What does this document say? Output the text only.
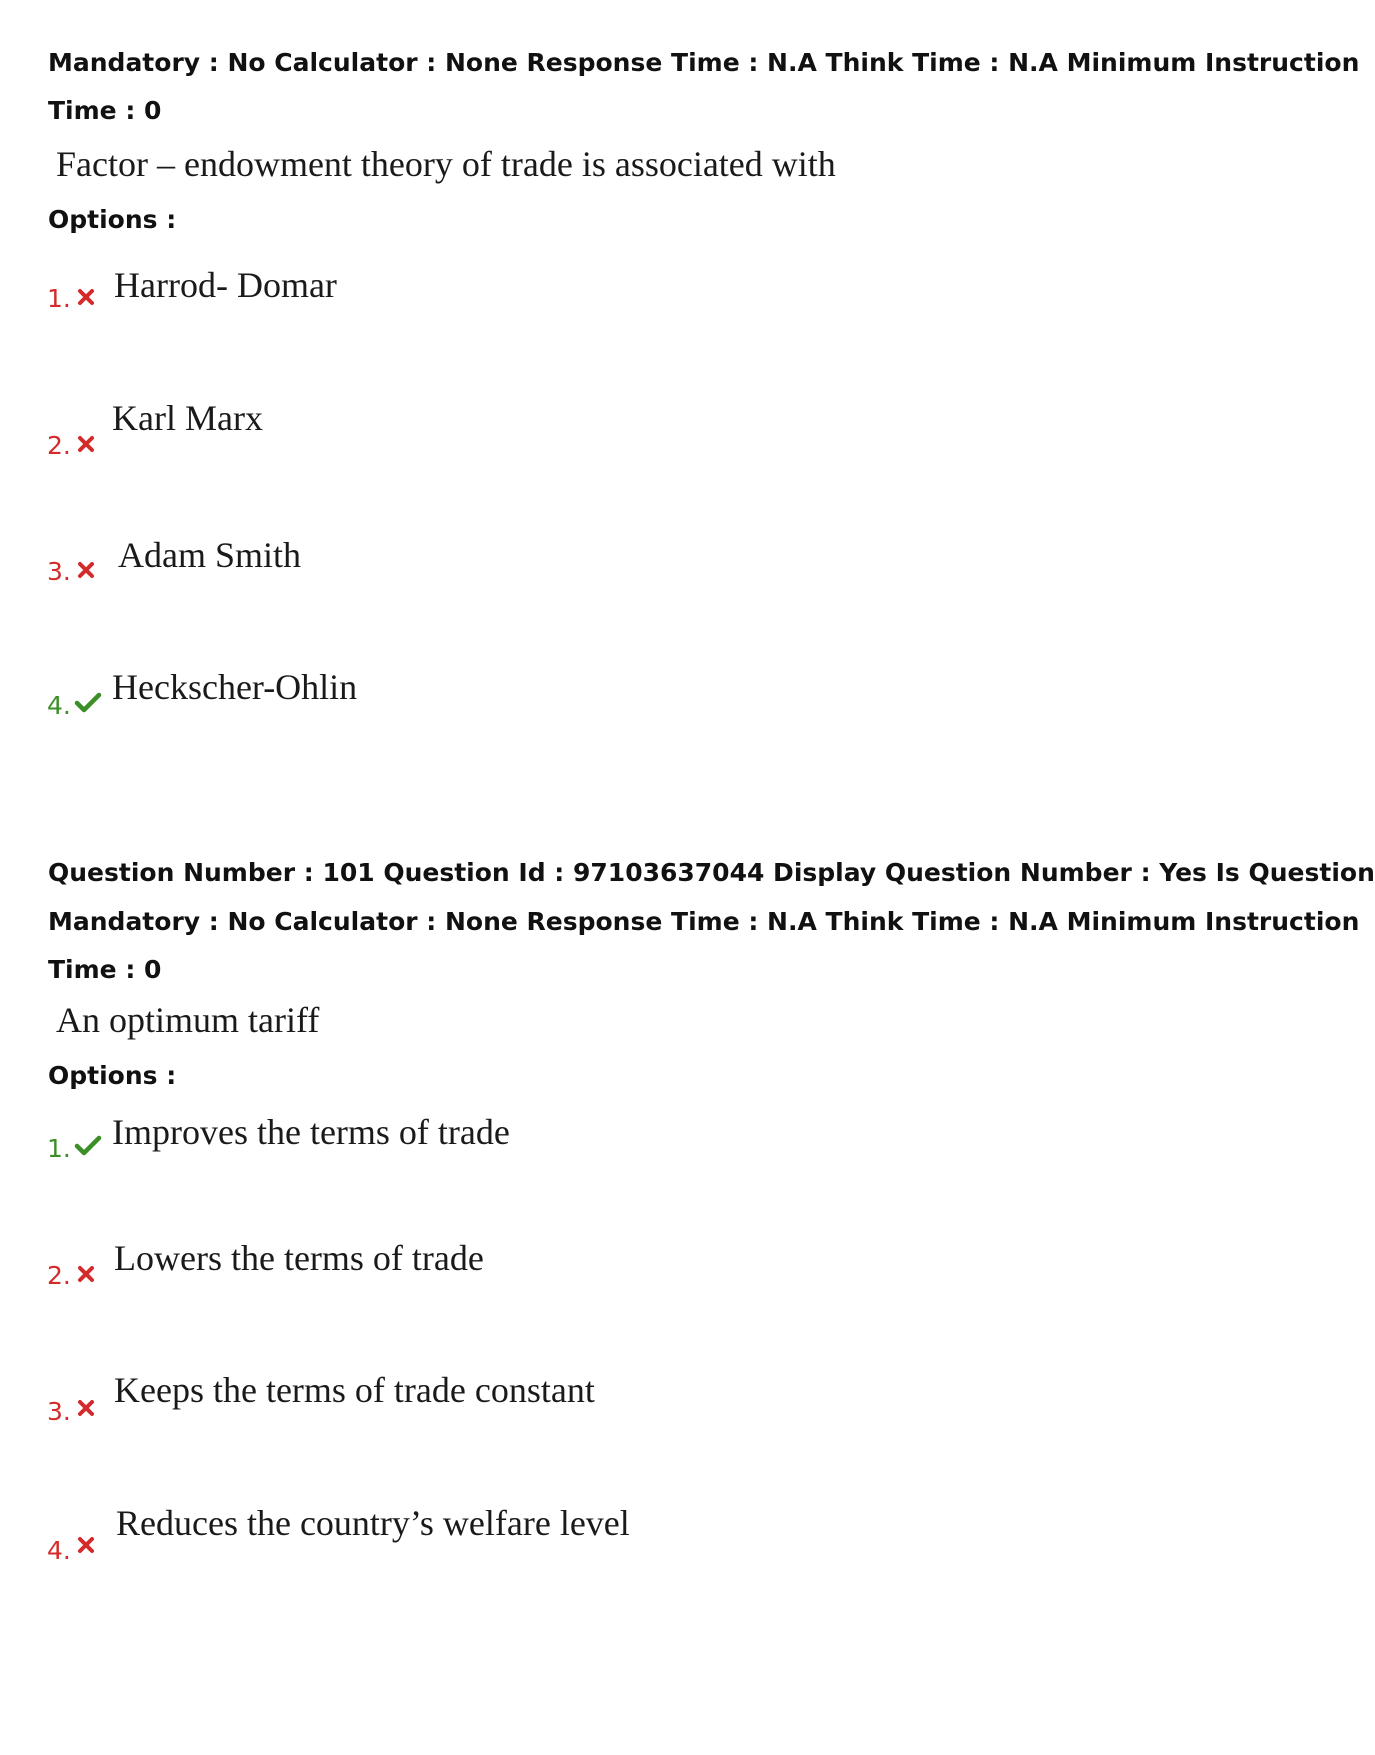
Mandatory : No Calculator : None Response Time : N.A Think Time : N.A Minimum Instruction

Time : 0

Factor – endowment theory of trade is associated with

Options :

1. Harrod- Domar
2.
Karl Marx
3. Adam Smith
4. Heckscher-Ohlin

Question Number : 101 Question Id : 97103637044 Display Question Number : Yes Is Question

Mandatory : No Calculator : None Response Time : N.A Think Time : N.A Minimum Instruction

Time : 0

An optimum tariff

Options :

1. Improves the terms of trade
2. Lowers the terms of trade
3.
Keeps the terms of trade constant
4.
Reduces the country’s welfare level
